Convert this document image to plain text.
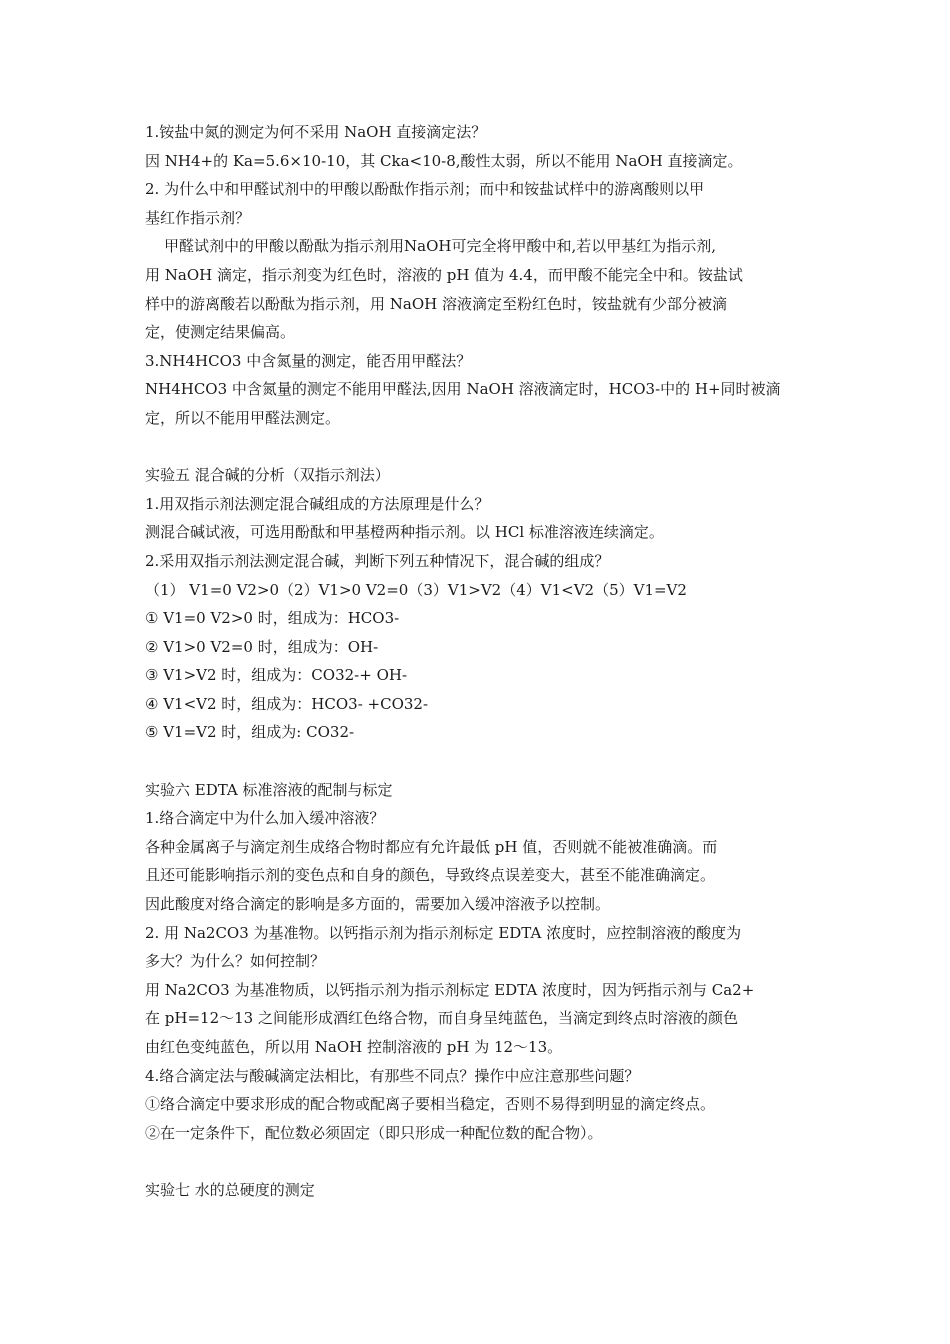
1.铵盐中氮的测定为何不采用 NaOH 直接滴定法？
因 NH4+的 Ka=5.6×10-10，其 Cka<10-8,酸性太弱，所以不能用 NaOH 直接滴定。
2. 为什么中和甲醛试剂中的甲酸以酚酞作指示剂；而中和铵盐试样中的游离酸则以甲
基红作指示剂？
甲醛试剂中的甲酸以酚酞为指示剂用NaOH可完全将甲酸中和,若以甲基红为指示剂,
用 NaOH 滴定，指示剂变为红色时，溶液的 pH 值为 4.4，而甲酸不能完全中和。铵盐试
样中的游离酸若以酚酞为指示剂，用 NaOH 溶液滴定至粉红色时，铵盐就有少部分被滴
定，使测定结果偏高。
3.NH4HCO3 中含氮量的测定，能否用甲醛法？
NH4HCO3 中含氮量的测定不能用甲醛法,因用 NaOH 溶液滴定时，HCO3-中的 H+同时被滴
定，所以不能用甲醛法测定。
实验五 混合碱的分析（双指示剂法）
1.用双指示剂法测定混合碱组成的方法原理是什么？
测混合碱试液，可选用酚酞和甲基橙两种指示剂。以 HCl 标准溶液连续滴定。
2.采用双指示剂法测定混合碱，判断下列五种情况下，混合碱的组成？
（1） V1=0 V2>0（2）V1>0 V2=0（3）V1>V2（4）V1<V2（5）V1=V2
① V1=0 V2>0 时，组成为：HCO3-
② V1>0 V2=0 时，组成为：OH-
③ V1>V2 时，组成为：CO32-+ OH-
④ V1<V2 时，组成为：HCO3- +CO32-
⑤ V1=V2 时，组成为: CO32-
实验六 EDTA 标准溶液的配制与标定
1.络合滴定中为什么加入缓冲溶液？
各种金属离子与滴定剂生成络合物时都应有允许最低 pH 值，否则就不能被准确滴。而
且还可能影响指示剂的变色点和自身的颜色，导致终点误差变大，甚至不能准确滴定。
因此酸度对络合滴定的影响是多方面的，需要加入缓冲溶液予以控制。
2. 用 Na2CO3 为基准物。以钙指示剂为指示剂标定 EDTA 浓度时，应控制溶液的酸度为
多大？为什么？如何控制？
用 Na2CO3 为基准物质，以钙指示剂为指示剂标定 EDTA 浓度时，因为钙指示剂与 Ca2+
在 pH=12～13 之间能形成酒红色络合物，而自身呈纯蓝色，当滴定到终点时溶液的颜色
由红色变纯蓝色，所以用 NaOH 控制溶液的 pH 为 12～13。
4.络合滴定法与酸碱滴定法相比，有那些不同点？操作中应注意那些问题？
①络合滴定中要求形成的配合物或配离子要相当稳定，否则不易得到明显的滴定终点。
②在一定条件下，配位数必须固定（即只形成一种配位数的配合物）。
实验七 水的总硬度的测定
